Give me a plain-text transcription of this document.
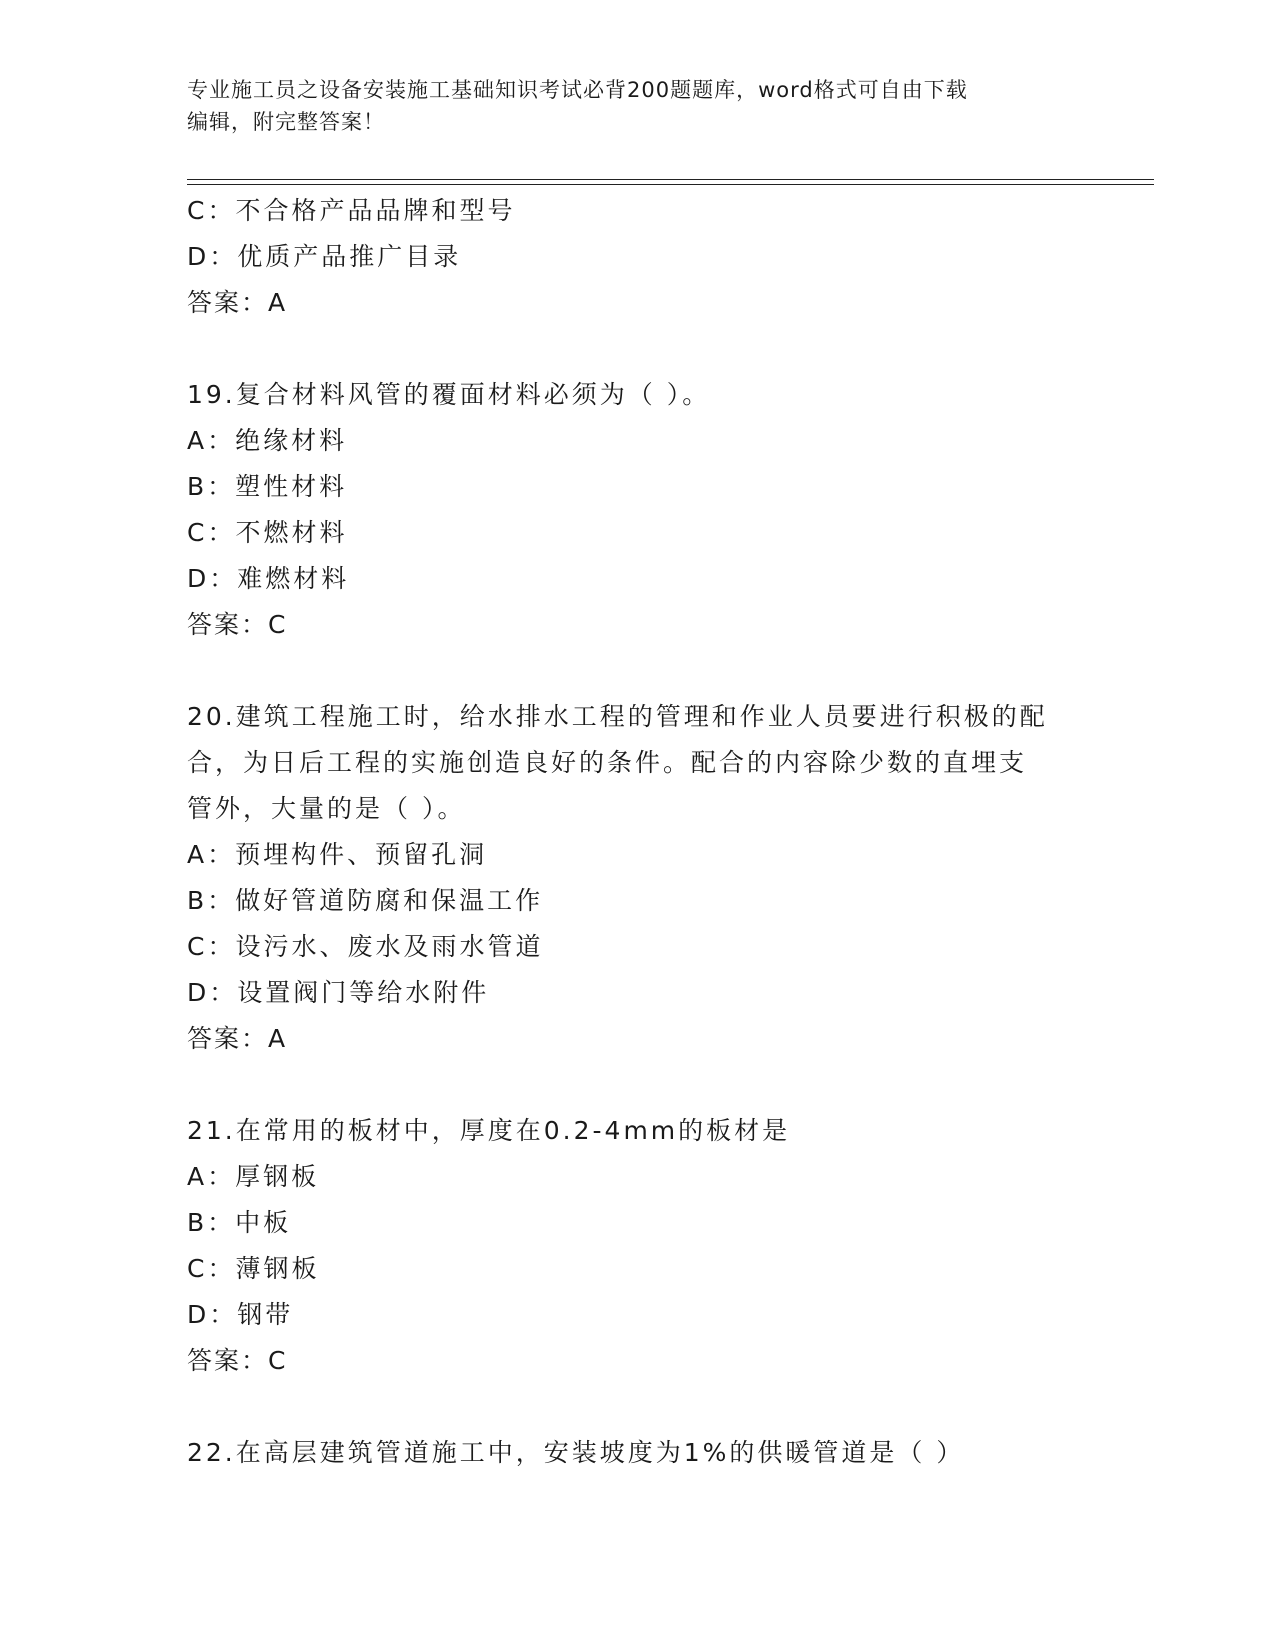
专业施工员之设备安装施工基础知识考试必背200题题库，word格式可自由下载
编辑，附完整答案！
C：不合格产品品牌和型号
D：优质产品推广目录
答案：A
19.复合材料风管的覆面材料必须为（ ）。
A：绝缘材料
B：塑性材料
C：不燃材料
D：难燃材料
答案：C
20.建筑工程施工时，给水排水工程的管理和作业人员要进行积极的配
合，为日后工程的实施创造良好的条件。配合的内容除少数的直埋支
管外，大量的是（ ）。
A：预埋构件、预留孔洞
B：做好管道防腐和保温工作
C：设污水、废水及雨水管道
D：设置阀门等给水附件
答案：A
21.在常用的板材中，厚度在0.2-4mm的板材是
A：厚钢板
B：中板
C：薄钢板
D：钢带
答案：C
22.在高层建筑管道施工中，安装坡度为1%的供暖管道是（ ）
